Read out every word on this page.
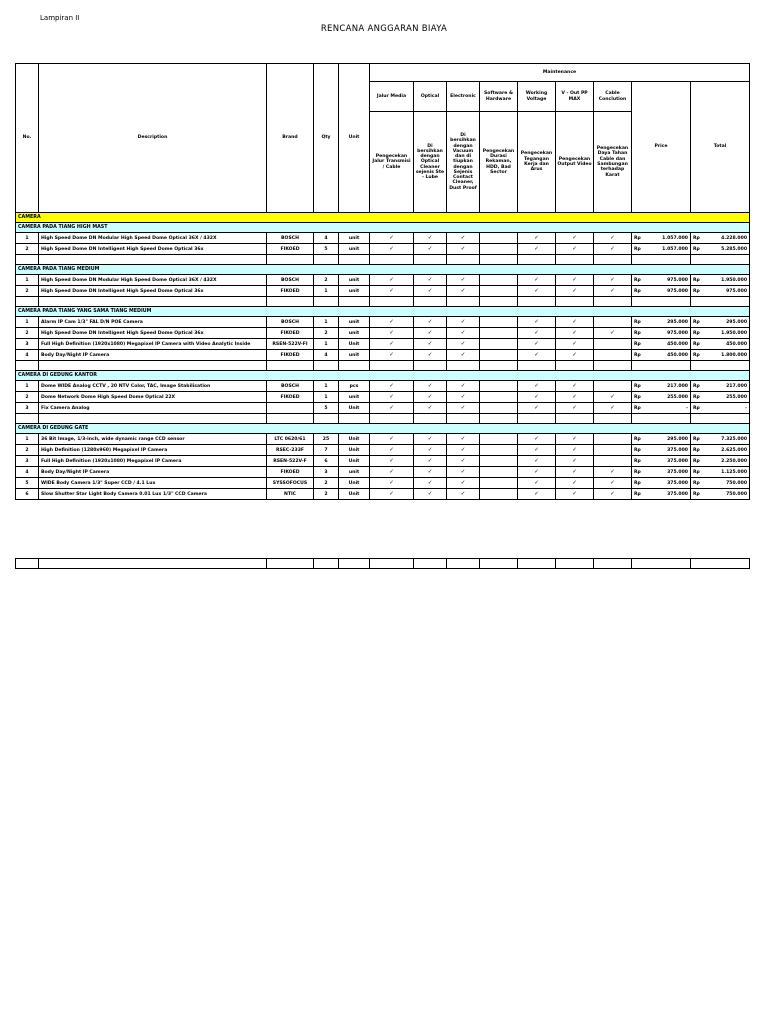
Lampiran II
RENCANA ANGGARAN BIAYA
No.	Description	Brand	Qty	Unit	Maintenance								
					Jalur Media	Optical	Electronic	Software & Hardware	Working Voltage	V - Out PP MAX	Cable Conclution	Price	Total
					Pengecekan Jalur Transmisi / Cable	Di bersihkan dengan Optical Cleaner sejenis Ste - Lube	Di bersihkan dengan Vacuum dan di tiupkan dengan Sejenis Contact Cleaner, Dust Proof	Pengecekan Durasi Rekaman, HDD, Bad Sector	Pengecekan Tegangan Kerja dan Arus	Pengecekan Output Video	Pengecekan Daya Tahan Cable dan Sambungan terhadap Karat		
CAMERA													
CAMERA PADA TIANG HIGH MAST													
1	High Speed Dome DN Modular High Speed Dome Optical 36X / 432X	BOSCH	4	unit	✓	✓	✓		✓	✓	✓	Rp 1.057.000	Rp 4.228.000

2	High Speed Dome DN Intelligent High Speed Dome Optical 36x	FIKOED	5	unit	✓	✓	✓		✓	✓	✓	Rp 1.057.000	Rp 5.285.000

CAMERA PADA TIANG MEDIUM													
1	High Speed Dome DN Modular High Speed Dome Optical 36X / 432X	BOSCH	2	unit	✓	✓	✓		✓	✓	✓	Rp 975.000	Rp 1.950.000

2	High Speed Dome DN Intelligent High Speed Dome Optical 36x	FIKOED	1	unit	✓	✓	✓		✓	✓	✓	Rp 975.000	Rp 975.000

CAMERA PADA TIANG YANG SAMA TIANG MEDIUM													
1	Alarm IP Cam 1/3" FAL D/N POE Camera	BOSCH	1	unit	✓	✓	✓		✓	✓		Rp 295.000	Rp 295.000

2	High Speed Dome DN Intelligent High Speed Dome Optical 36x	FIKOED	2	unit	✓	✓	✓		✓	✓	✓	Rp 975.000	Rp 1.950.000

3	Full High Definition (1920x1080) Megapixel IP Camera with Video Analytic Inside	RSEN-522V-FI	1	Unit	✓	✓	✓		✓	✓		Rp 450.000	Rp 450.000

4	Body Day/Night IP Camera	FIKOED	4	unit	✓	✓	✓		✓	✓		Rp 450.000	Rp 1.800.000

CAMERA DI GEDUNG KANTOR													
1	Dome WIDE Analog CCTV , 20 NTV Color, TAC, Image Stabilisation	BOSCH	1	pcs	✓	✓	✓		✓	✓		Rp 217.000	Rp 217.000

2	Dome Network Dome High Speed Dome Optical 22X	FIKOED	1	unit	✓	✓	✓		✓	✓	✓	Rp 255.000	Rp 255.000

3	Fix Camera Analog		5	Unit	✓	✓	✓		✓	✓	✓	Rp -	Rp -

CAMERA DI GEDUNG GATE													
1	36 Bit Image, 1/3-inch, wide dynamic range CCD sensor	LTC 0620/61	25	Unit	✓	✓	✓		✓	✓		Rp 295.000	Rp 7.325.000

2	High Definition (1280x960) Megapixel IP Camera	RSEC-233F	7	Unit	✓	✓	✓		✓	✓		Rp 375.000	Rp 2.625.000

3	Full High Definition (1920x1080) Megapixel IP Camera	RSEN-522V-F	6	Unit	✓	✓	✓		✓	✓		Rp 375.000	Rp 2.250.000

4	Body Day/Night IP Camera	FIKOED	3	unit	✓	✓	✓		✓	✓	✓	Rp 375.000	Rp 1.125.000

5	WIDE Body Camera 1/3" Super CCD / 4.1 Lux	SYSSOFOCUS	2	Unit	✓	✓	✓		✓	✓	✓	Rp 375.000	Rp 750.000

6	Slow Shutter Star Light Body Camera 0.01 Lux 1/3" CCD Camera	NTIC	2	Unit	✓	✓	✓		✓	✓	✓	Rp 375.000	Rp 750.000
